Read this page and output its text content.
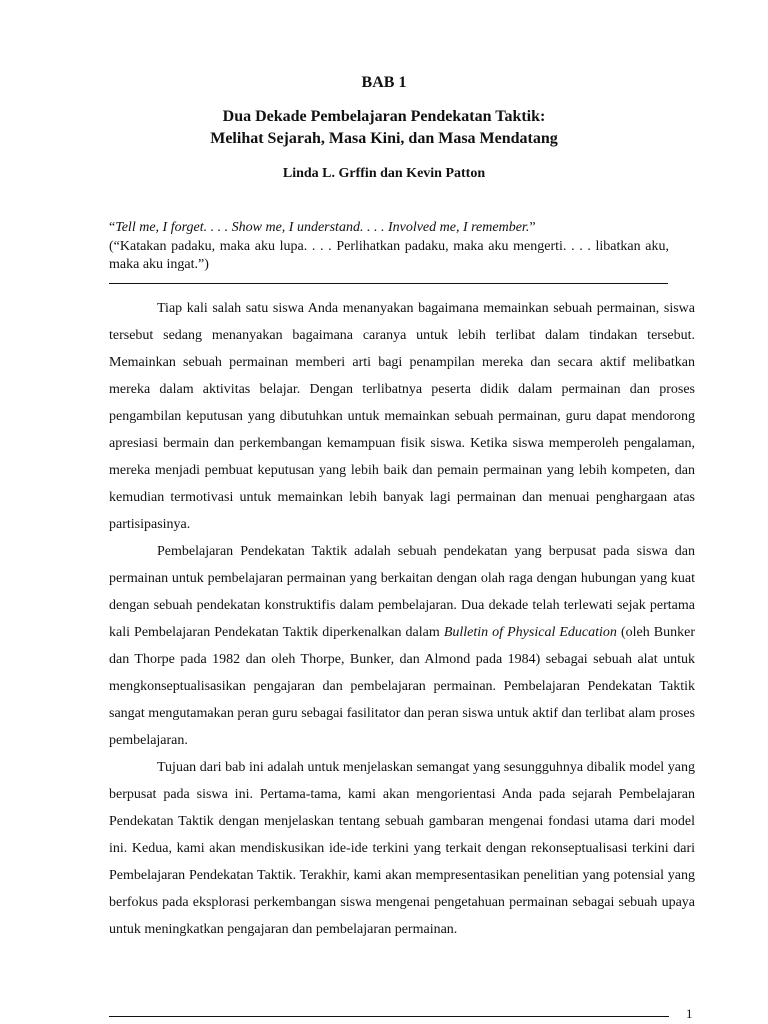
BAB 1
Dua Dekade Pembelajaran Pendekatan Taktik:
Melihat Sejarah, Masa Kini, dan Masa Mendatang
Linda L. Grffin dan Kevin Patton
“Tell me, I forget. . . . Show me, I understand. . . . Involved me, I remember.”
(“Katakan padaku, maka aku lupa. . . . Perlihatkan padaku, maka aku mengerti. . . . libatkan aku, maka aku ingat.”)

Tiap kali salah satu siswa Anda menanyakan bagaimana memainkan sebuah permainan, siswa tersebut sedang menanyakan bagaimana caranya untuk lebih terlibat dalam tindakan tersebut. Memainkan sebuah permainan memberi arti bagi penampilan mereka dan secara aktif melibatkan mereka dalam aktivitas belajar. Dengan terlibatnya peserta didik dalam permainan dan proses pengambilan keputusan yang dibutuhkan untuk memainkan sebuah permainan, guru dapat mendorong apresiasi bermain dan perkembangan kemampuan fisik siswa. Ketika siswa memperoleh pengalaman, mereka menjadi pembuat keputusan yang lebih baik dan pemain permainan yang lebih kompeten, dan kemudian termotivasi untuk memainkan lebih banyak lagi permainan dan menuai penghargaan atas partisipasinya.

Pembelajaran Pendekatan Taktik adalah sebuah pendekatan yang berpusat pada siswa dan permainan untuk pembelajaran permainan yang berkaitan dengan olah raga dengan hubungan yang kuat dengan sebuah pendekatan konstruktifis dalam pembelajaran. Dua dekade telah terlewati sejak pertama kali Pembelajaran Pendekatan Taktik diperkenalkan dalam Bulletin of Physical Education (oleh Bunker dan Thorpe pada 1982 dan oleh Thorpe, Bunker, dan Almond pada 1984) sebagai sebuah alat untuk mengkonseptualisasikan pengajaran dan pembelajaran permainan. Pembelajaran Pendekatan Taktik sangat mengutamakan peran guru sebagai fasilitator dan peran siswa untuk aktif dan terlibat alam proses pembelajaran.

Tujuan dari bab ini adalah untuk menjelaskan semangat yang sesungguhnya dibalik model yang berpusat pada siswa ini. Pertama-tama, kami akan mengorientasi Anda pada sejarah Pembelajaran Pendekatan Taktik dengan menjelaskan tentang sebuah gambaran mengenai fondasi utama dari model ini. Kedua, kami akan mendiskusikan ide-ide terkini yang terkait dengan rekonseptualisasi terkini dari Pembelajaran Pendekatan Taktik. Terakhir, kami akan mempresentasikan penelitian yang potensial yang berfokus pada eksplorasi perkembangan siswa mengenai pengetahuan permainan sebagai sebuah upaya untuk meningkatkan pengajaran dan pembelajaran permainan.

1
